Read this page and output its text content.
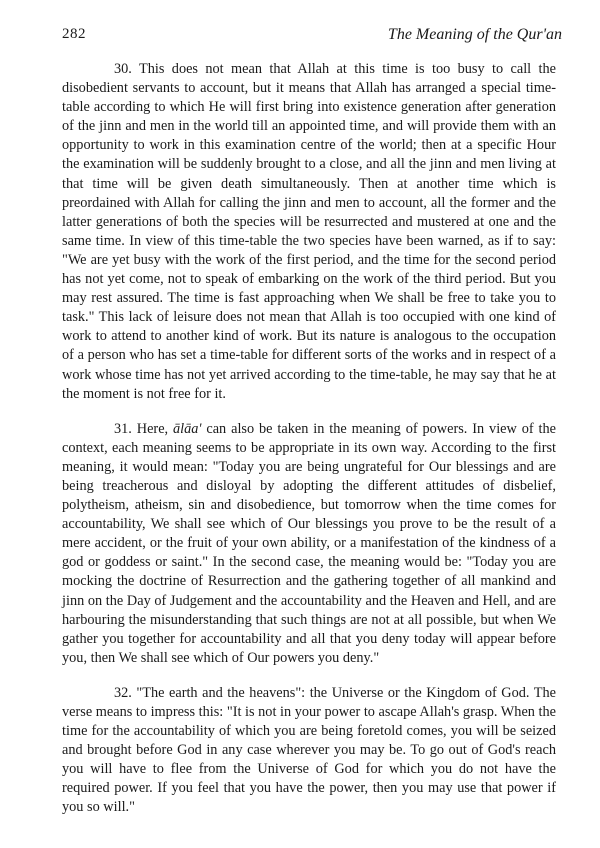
282	The Meaning of the Qur'an

30. This does not mean that Allah at this time is too busy to call the disobedient servants to account, but it means that Allah has arranged a special time-table according to which He will first bring into existence generation after generation of the jinn and men in the world till an appointed time, and will provide them with an opportunity to work in this examination centre of the world; then at a specific Hour the examination will be suddenly brought to a close, and all the jinn and men living at that time will be given death simultaneously. Then at another time which is preordained with Allah for calling the jinn and men to account, all the former and the latter generations of both the species will be resurrected and mustered at one and the same time. In view of this time-table the two species have been warned, as if to say: "We are yet busy with the work of the first period, and the time for the second period has not yet come, not to speak of embarking on the work of the third period. But you may rest assured. The time is fast approaching when We shall be free to take you to task." This lack of leisure does not mean that Allah is too occupied with one kind of work to attend to another kind of work. But its nature is analogous to the occupation of a person who has set a time-table for different sorts of the works and in respect of a work whose time has not yet arrived according to the time-table, he may say that he at the moment is not free for it.

31. Here, ālāa' can also be taken in the meaning of powers. In view of the context, each meaning seems to be appropriate in its own way. According to the first meaning, it would mean: "Today you are being ungrateful for Our blessings and are being treacherous and disloyal by adopting the different attitudes of disbelief, polytheism, atheism, sin and disobedience, but tomorrow when the time comes for accountability, We shall see which of Our blessings you prove to be the result of a mere accident, or the fruit of your own ability, or a manifestation of the kindness of a god or goddess or saint." In the second case, the meaning would be: "Today you are mocking the doctrine of Resurrection and the gathering together of all mankind and jinn on the Day of Judgement and the accountability and the Heaven and Hell, and are harbouring the misunderstanding that such things are not at all possible, but when We gather you together for accountability and all that you deny today will appear before you, then We shall see which of Our powers you deny."

32. "The earth and the heavens": the Universe or the Kingdom of God. The verse means to impress this: "It is not in your power to ascape Allah's grasp. When the time for the accountability of which you are being foretold comes, you will be seized and brought before God in any case wherever you may be. To go out of God's reach you will have to flee from the Universe of God for which you do not have the required power. If you feel that you have the power, then you may use that power if you so will."
